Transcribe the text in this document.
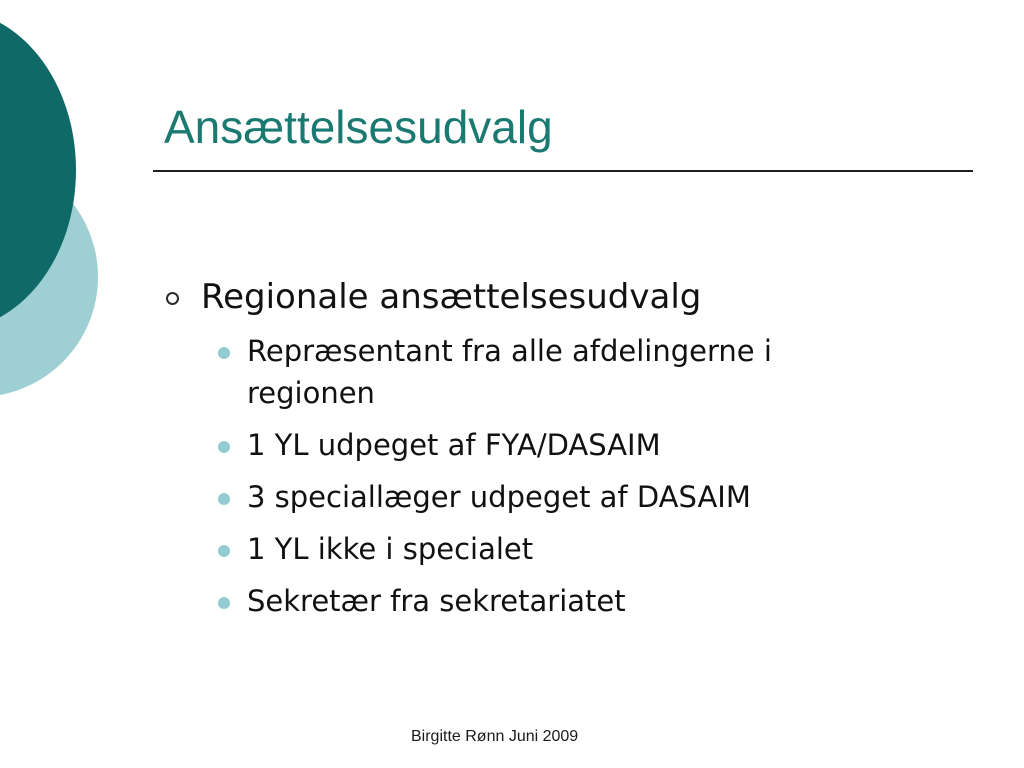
Ansættelsesudvalg
Regionale ansættelsesudvalg
Repræsentant fra alle afdelingerne i regionen
1 YL udpeget af FYA/DASAIM
3 speciallæger udpeget af DASAIM
1 YL ikke i specialet
Sekretær fra sekretariatet
Birgitte Rønn Juni 2009
